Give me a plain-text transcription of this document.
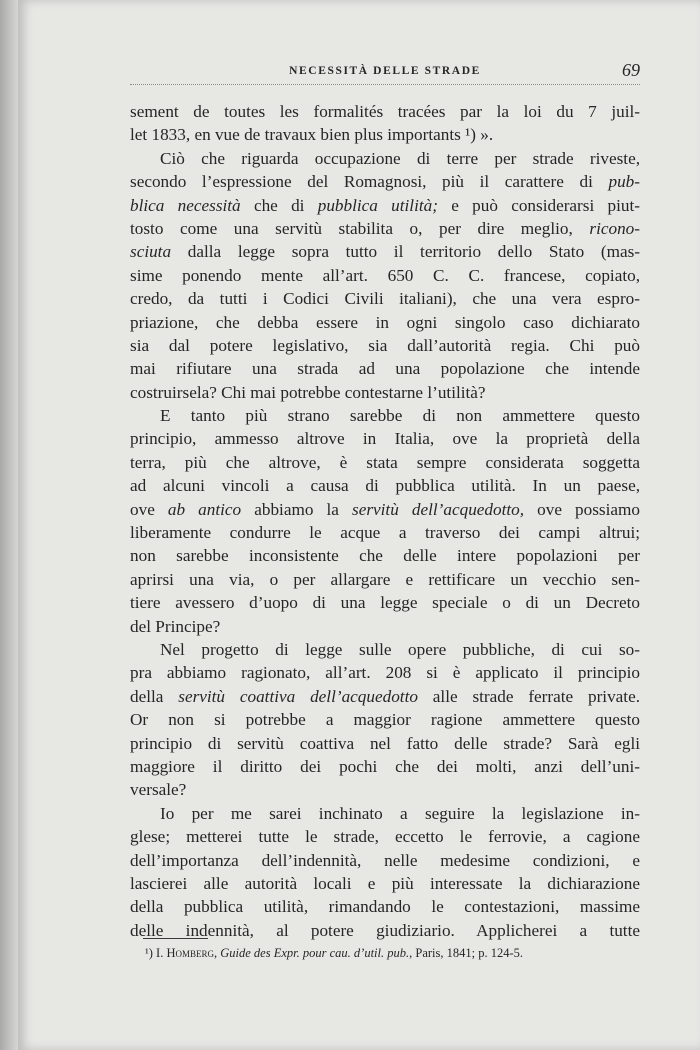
NECESSITÀ DELLE STRADE	69
sement de toutes les formalités tracées par la loi du 7 juil-
let 1833, en vue de travaux bien plus importants ¹) ».
Ciò che riguarda occupazione di terre per strade riveste,
secondo l’espressione del Romagnosi, più il carattere di pub-
blica necessità che di pubblica utilità; e può considerarsi piut-
tosto come una servitù stabilita o, per dire meglio, ricono-
sciuta dalla legge sopra tutto il territorio dello Stato (mas-
sime ponendo mente all’art. 650 C. C. francese, copiato,
credo, da tutti i Codici Civili italiani), che una vera espro-
priazione, che debba essere in ogni singolo caso dichiarato
sia dal potere legislativo, sia dall’autorità regia. Chi può
mai rifiutare una strada ad una popolazione che intende
costruirsela? Chi mai potrebbe contestarne l’utilità?
E tanto più strano sarebbe di non ammettere questo
principio, ammesso altrove in Italia, ove la proprietà della
terra, più che altrove, è stata sempre considerata soggetta
ad alcuni vincoli a causa di pubblica utilità. In un paese,
ove ab antico abbiamo la servitù dell’acquedotto, ove possiamo
liberamente condurre le acque a traverso dei campi altrui;
non sarebbe inconsistente che delle intere popolazioni per
aprirsi una via, o per allargare e rettificare un vecchio sen-
tiere avessero d’uopo di una legge speciale o di un Decreto
del Principe?
Nel progetto di legge sulle opere pubbliche, di cui so-
pra abbiamo ragionato, all’art. 208 si è applicato il principio
della servitù coattiva dell’acquedotto alle strade ferrate private.
Or non si potrebbe a maggior ragione ammettere questo
principio di servitù coattiva nel fatto delle strade? Sarà egli
maggiore il diritto dei pochi che dei molti, anzi dell’uni-
versale?
Io per me sarei inchinato a seguire la legislazione in-
glese; metterei tutte le strade, eccetto le ferrovie, a cagione
dell’importanza dell’indennità, nelle medesime condizioni, e
lascierei alle autorità locali e più interessate la dichiarazione
della pubblica utilità, rimandando le contestazioni, massime
delle indennità, al potere giudiziario. Applicherei a tutte
¹) I. Homberg, Guide des Expr. pour cau. d’util. pub., Paris, 1841; p. 124-5.
